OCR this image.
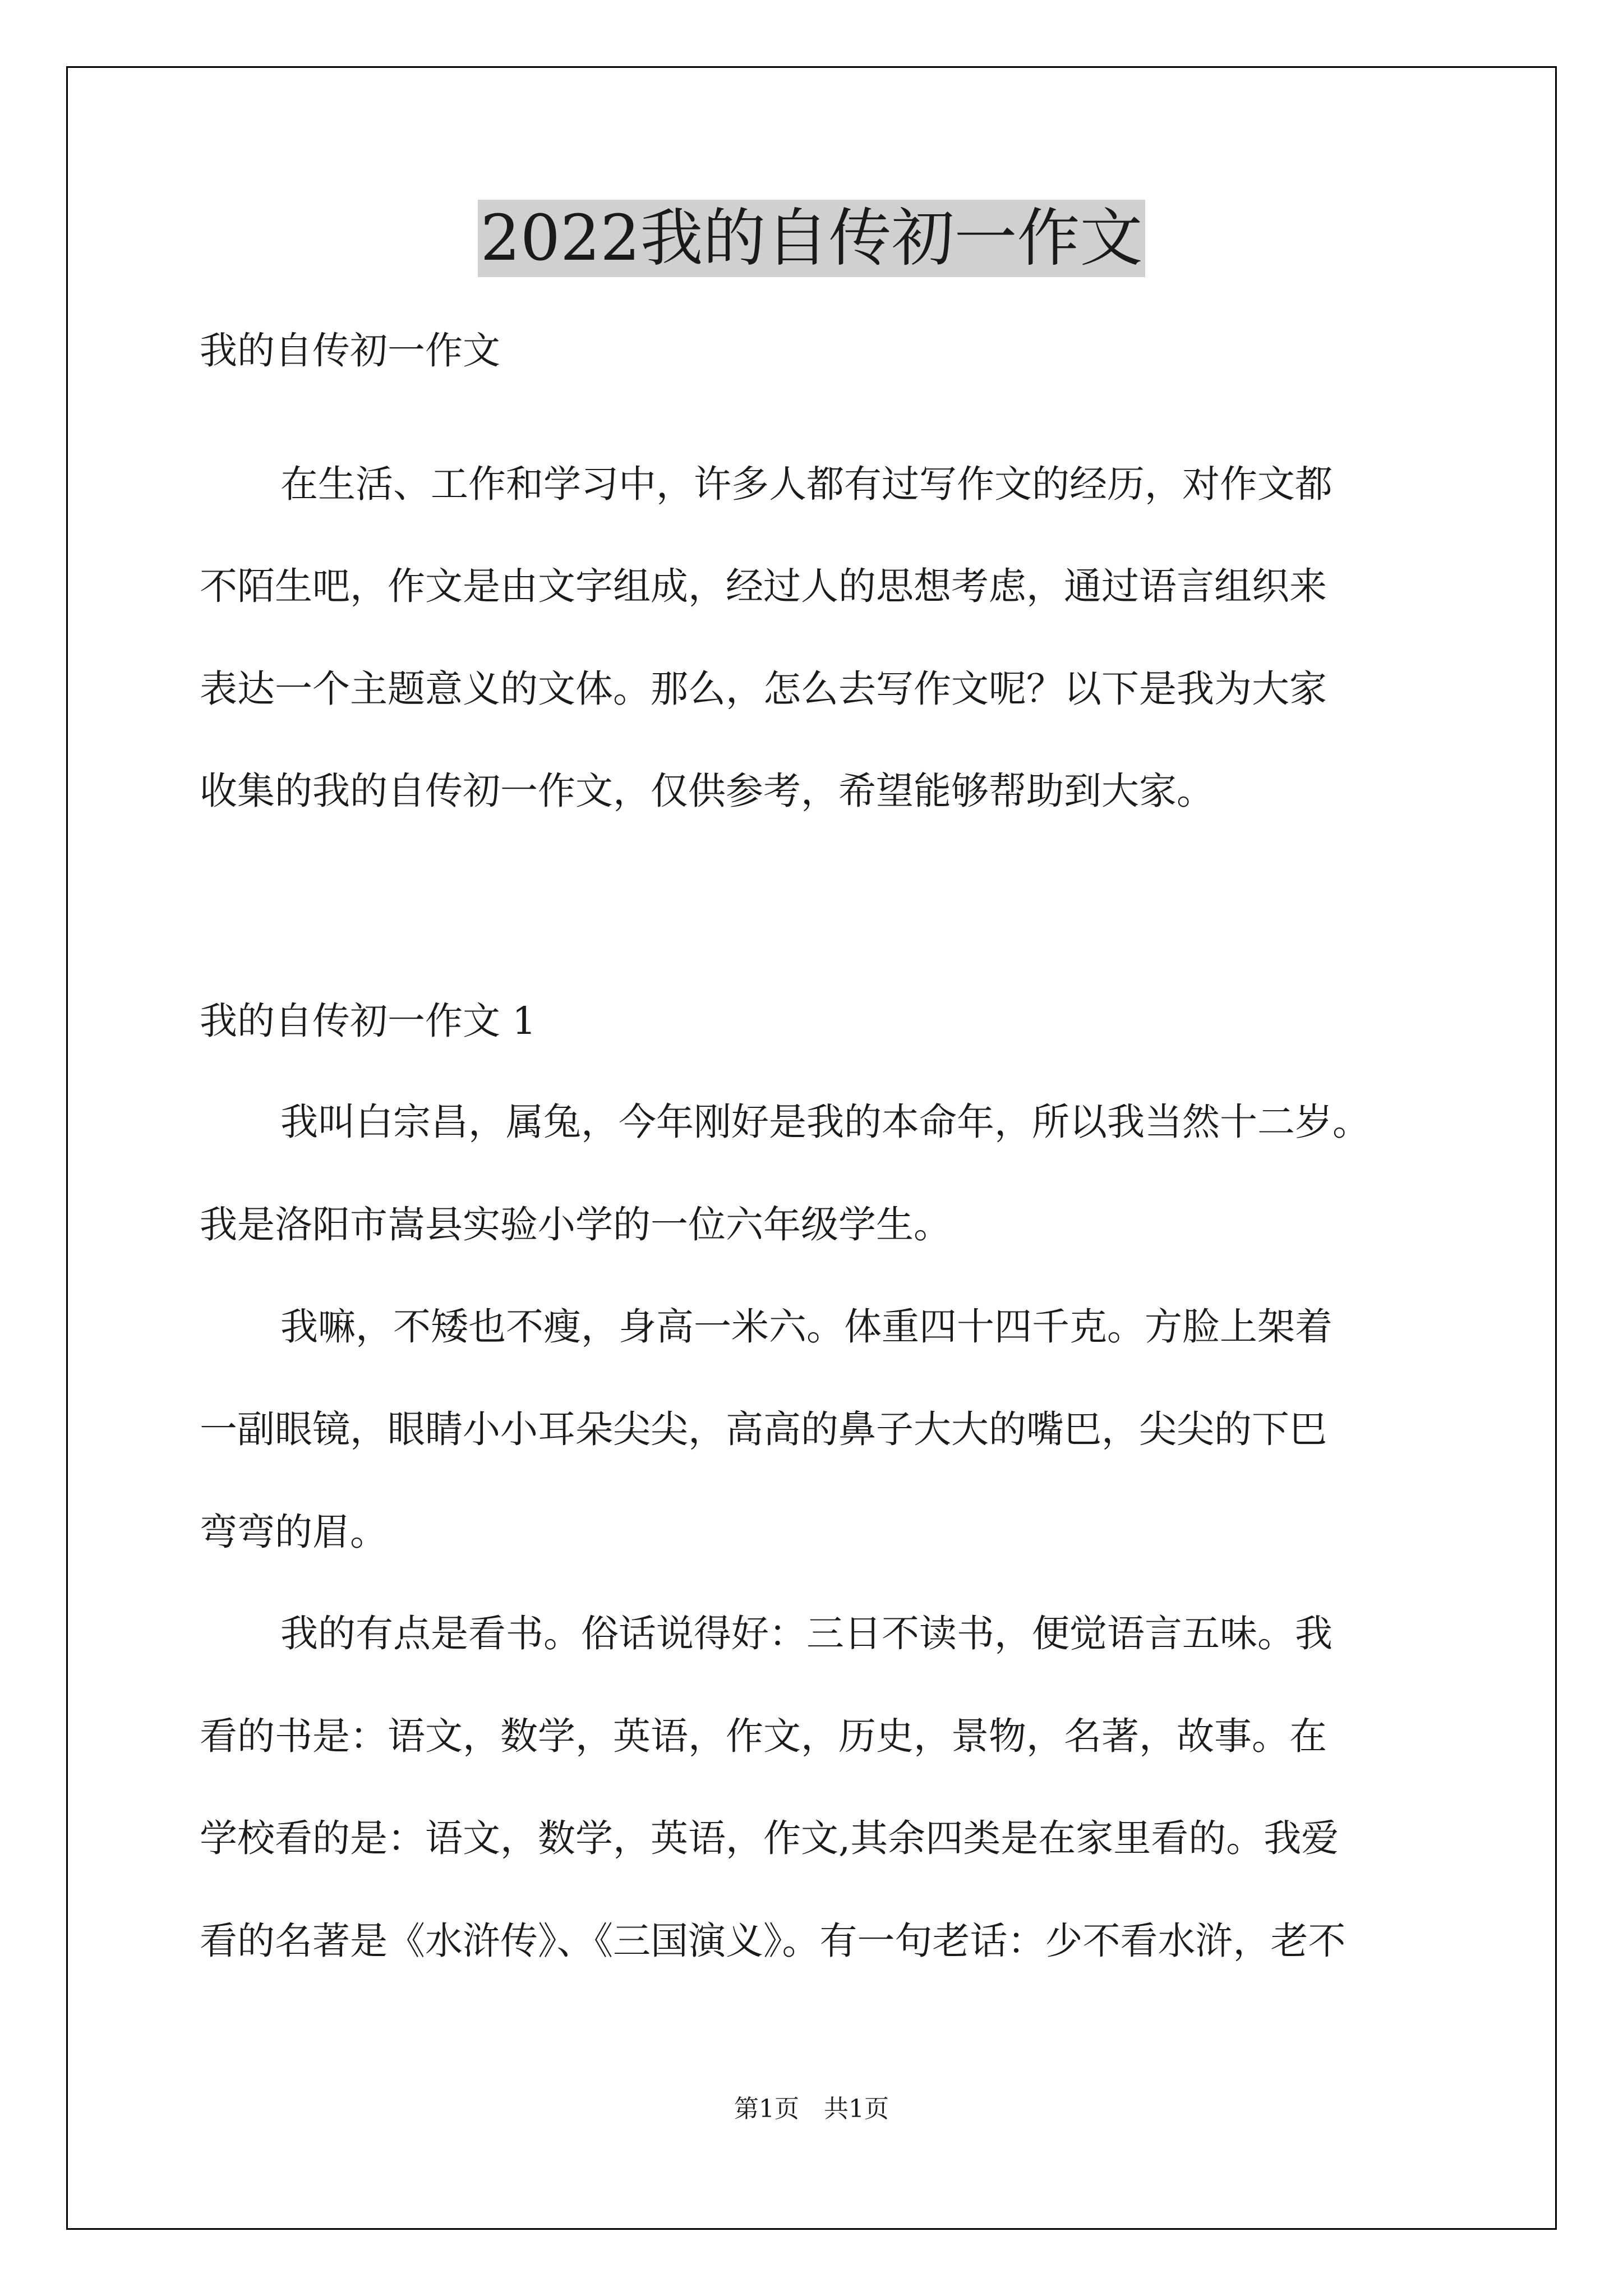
2022我的自传初一作文
我的自传初一作文
在生活、工作和学习中，许多人都有过写作文的经历，对作文都
不陌生吧，作文是由文字组成，经过人的思想考虑，通过语言组织来
表达一个主题意义的文体。那么，怎么去写作文呢？以下是我为大家
收集的我的自传初一作文，仅供参考，希望能够帮助到大家。
我的自传初一作文 1
我叫白宗昌，属兔，今年刚好是我的本命年，所以我当然十二岁。
我是洛阳市嵩县实验小学的一位六年级学生。
我嘛，不矮也不瘦，身高一米六。体重四十四千克。方脸上架着
一副眼镜，眼睛小小耳朵尖尖，高高的鼻子大大的嘴巴，尖尖的下巴
弯弯的眉。
我的有点是看书。俗话说得好：三日不读书，便觉语言五味。我
看的书是：语文，数学，英语，作文，历史，景物，名著，故事。在
学校看的是：语文，数学，英语，作文,其余四类是在家里看的。我爱
看的名著是《水浒传》、《三国演义》。有一句老话：少不看水浒，老不
第1页　共1页
